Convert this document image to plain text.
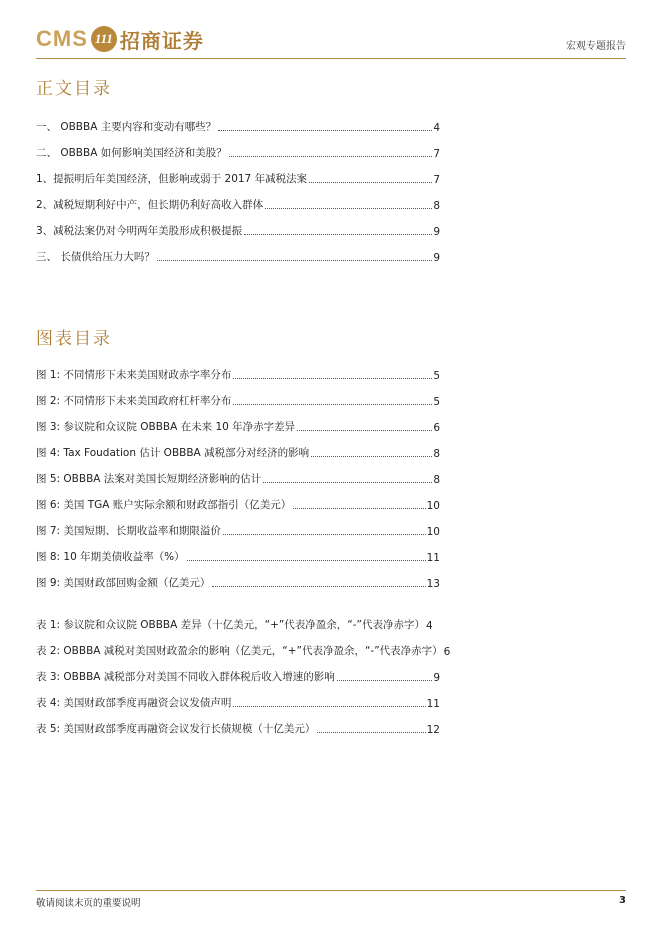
CMS 111 招商证券	宏观专题报告
正文目录
一、 OBBBA 主要内容和变动有哪些？	4
二、 OBBBA 如何影响美国经济和美股？	7
1、提振明后年美国经济，但影响或弱于 2017 年减税法案	7
2、减税短期利好中产，但长期仍利好高收入群体	8
3、减税法案仍对今明两年美股形成积极提振	9
三、 长债供给压力大吗？	9
图表目录
图 1: 不同情形下未来美国财政赤字率分布	5
图 2: 不同情形下未来美国政府杠杆率分布	5
图 3: 参议院和众议院 OBBBA 在未来 10 年净赤字差异	6
图 4: Tax Foudation 估计 OBBBA 减税部分对经济的影响	8
图 5: OBBBA 法案对美国长短期经济影响的估计	8
图 6: 美国 TGA 账户实际余额和财政部指引（亿美元）	10
图 7: 美国短期、长期收益率和期限溢价	10
图 8: 10 年期美债收益率（%）	11
图 9: 美国财政部回购金额（亿美元）	13
表 1: 参议院和众议院 OBBBA 差异（十亿美元，“+”代表净盈余，“-”代表净赤字） 4
表 2: OBBBA 减税对美国财政盈余的影响（亿美元，“+”代表净盈余，“-”代表净赤字） 6
表 3: OBBBA 减税部分对美国不同收入群体税后收入增速的影响	9
表 4: 美国财政部季度再融资会议发债声明	11
表 5: 美国财政部季度再融资会议发行长债规模（十亿美元）	12
敬请阅读末页的重要说明	3
